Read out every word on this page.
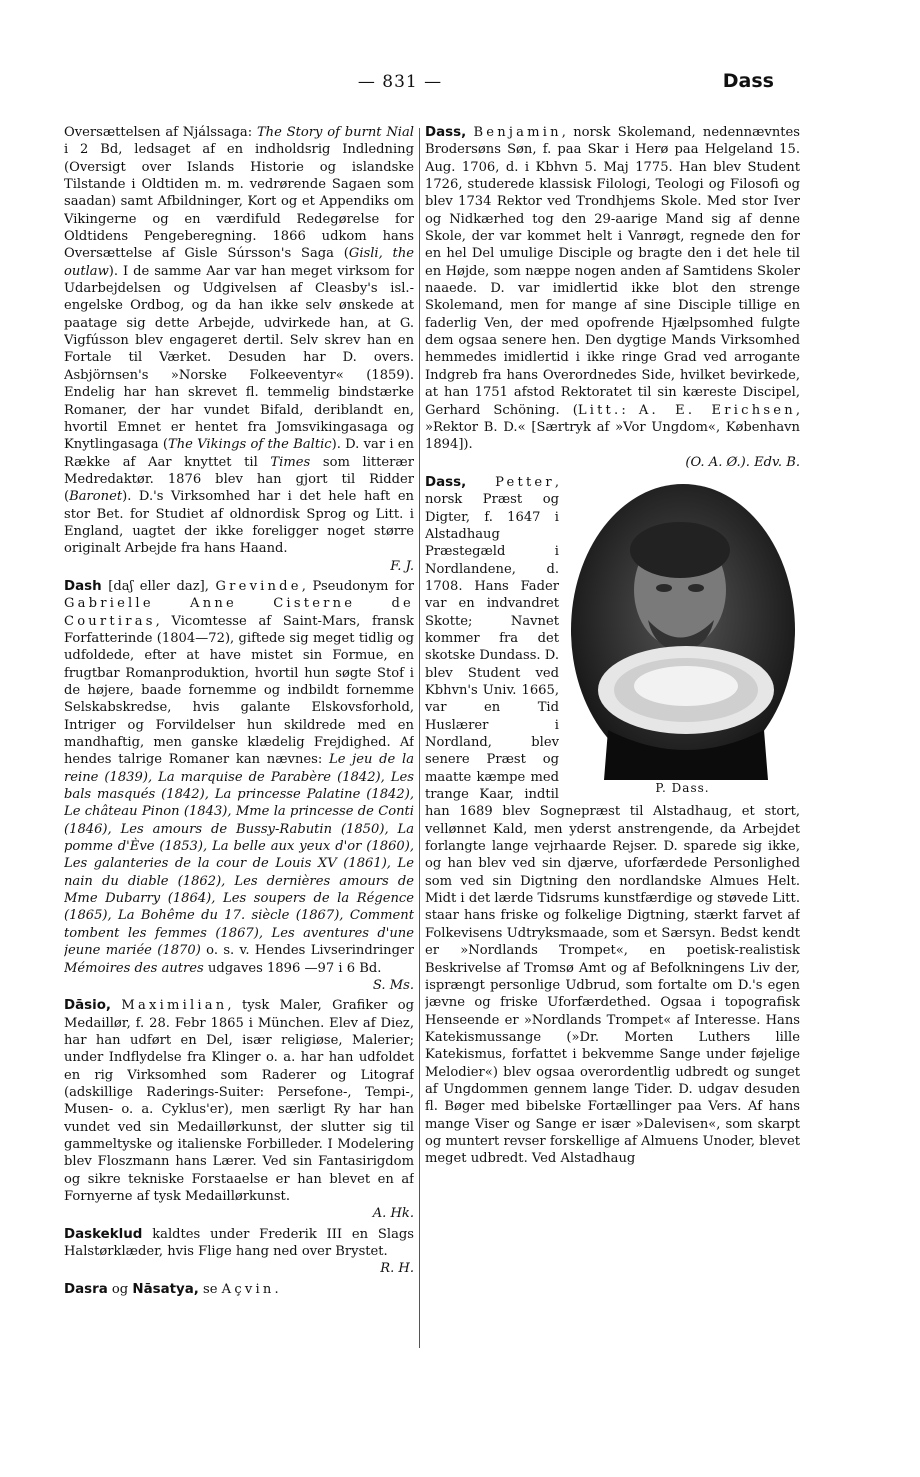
— 831 —	Dass

Oversættelsen af Njálssaga: The Story of burnt Nial i 2 Bd, ledsaget af en indholdsrig Indledning (Oversigt over Islands Historie og islandske Tilstande i Oldtiden m. m. vedrørende Sagaen som saadan) samt Afbildninger, Kort og et Appendiks om Vikingerne og en værdifuld Redegørelse for Oldtidens Pengeberegning. 1866 udkom hans Oversættelse af Gisle Súrsson's Saga (Gisli, the outlaw). I de samme Aar var han meget virksom for Udarbejdelsen og Udgivelsen af Cleasby's isl.-engelske Ordbog, og da han ikke selv ønskede at paatage sig dette Arbejde, udvirkede han, at G. Vigfússon blev engageret dertil. Selv skrev han en Fortale til Værket. Desuden har D. overs. Asbjörnsen's »Norske Folkeeventyr« (1859). Endelig har han skrevet fl. temmelig bindstærke Romaner, der har vundet Bifald, deriblandt en, hvortil Emnet er hentet fra Jomsvikingasaga og Knytlingasaga (The Vikings of the Baltic). D. var i en Række af Aar knyttet til Times som litterær Medredaktør. 1876 blev han gjort til Ridder (Baronet). D.'s Virksomhed har i det hele haft en stor Bet. for Studiet af oldnordisk Sprog og Litt. i England, uagtet der ikke foreligger noget større originalt Arbejde fra hans Haand.
F. J.

Dash [daʃ eller daz], Grevinde, Pseudonym for Gabrielle Anne Cisterne de Courtiras, Vicomtesse af Saint-Mars, fransk Forfatterinde (1804—72), giftede sig meget tidlig og udfoldede, efter at have mistet sin Formue, en frugtbar Romanproduktion, hvortil hun søgte Stof i de højere, baade fornemme og indbildt fornemme Selskabskredse, hvis galante Elskovsforhold, Intriger og Forvildelser hun skildrede med en mandhaftig, men ganske klædelig Frejdighed. Af hendes talrige Romaner kan nævnes: Le jeu de la reine (1839), La marquise de Parabère (1842), Les bals masqués (1842), La princesse Palatine (1842), Le château Pinon (1843), Mme la princesse de Conti (1846), Les amours de Bussy-Rabutin (1850), La pomme d'Ève (1853), La belle aux yeux d'or (1860), Les galanteries de la cour de Louis XV (1861), Le nain du diable (1862), Les dernières amours de Mme Dubarry (1864), Les soupers de la Régence (1865), La Bohême du 17. siècle (1867), Comment tombent les femmes (1867), Les aventures d'une jeune mariée (1870) o. s. v. Hendes Livserindringer Mémoires des autres udgaves 1896 —97 i 6 Bd.
S. Ms.

Dāsio, Maximilian, tysk Maler, Grafiker og Medaillør, f. 28. Febr 1865 i München. Elev af Diez, har han udført en Del, især religiøse, Malerier; under Indflydelse fra Klinger o. a. har han udfoldet en rig Virksomhed som Raderer og Litograf (adskillige Raderings-Suiter: Persefone-, Tempi-, Musen- o. a. Cyklus'er), men særligt Ry har han vundet ved sin Medaillørkunst, der slutter sig til gammeltyske og italienske Forbilleder. I Modelering blev Floszmann hans Lærer. Ved sin Fantasirigdom og sikre tekniske Forstaaelse er han blevet en af Fornyerne af tysk Medaillørkunst.
A. Hk.

Daskeklud kaldtes under Frederik III en Slags Halstørklæder, hvis Flige hang ned over Brystet.
R. H.

Dasra og Nāsatya, se Açvin.

Dass, Benjamin, norsk Skolemand, nedennævntes Brodersøns Søn, f. paa Skar i Herø paa Helgeland 15. Aug. 1706, d. i Kbhvn 5. Maj 1775. Han blev Student 1726, studerede klassisk Filologi, Teologi og Filosofi og blev 1734 Rektor ved Trondhjems Skole. Med stor Iver og Nidkærhed tog den 29-aarige Mand sig af denne Skole, der var kommet helt i Vanrøgt, regnede den for en hel Del umulige Disciple og bragte den i det hele til en Højde, som næppe nogen anden af Samtidens Skoler naaede. D. var imidlertid ikke blot den strenge Skolemand, men for mange af sine Disciple tillige en faderlig Ven, der med opofrende Hjælpsomhed fulgte dem ogsaa senere hen. Den dygtige Mands Virksomhed hemmedes imidlertid i ikke ringe Grad ved arrogante Indgreb fra hans Overordnedes Side, hvilket bevirkede, at han 1751 afstod Rektoratet til sin kæreste Discipel, Gerhard Schöning. (Litt.: A. E. Erichsen, »Rektor B. D.« [Særtryk af »Vor Ungdom«, København 1894]).
(O. A. Ø.). Edv. B.

Dass, Petter
P. Dass.
, norsk Præst og Digter, f. 1647 i Alstadhaug Præstegæld i Nordlandene, d. 1708. Hans Fader var en indvandret Skotte; Navnet kommer fra det skotske Dundass. D. blev Student ved Kbhvn's Univ. 1665, var en Tid Huslærer i Nordland, blev senere Præst og maatte kæmpe med trange Kaar, indtil han 1689 blev Sognepræst til Alstadhaug, et stort, vellønnet Kald, men yderst anstrengende, da Arbejdet forlangte lange vejrhaarde Rejser. D. sparede sig ikke, og han blev ved sin djærve, uforfærdede Personlighed som ved sin Digtning den nordlandske Almues Helt. Midt i det lærde Tidsrums kunstfærdige og støvede Litt. staar hans friske og folkelige Digtning, stærkt farvet af Folkevisens Udtryksmaade, som et Særsyn. Bedst kendt er »Nordlands Trompet«, en poetisk-realistisk Beskrivelse af Tromsø Amt og af Befolkningens Liv der, isprængt personlige Udbrud, som fortalte om D.'s egen jævne og friske Uforfærdethed. Ogsaa i topografisk Henseende er »Nordlands Trompet« af Interesse. Hans Katekismussange (»Dr. Morten Luthers lille Katekismus, forfattet i bekvemme Sange under føjelige Melodier«) blev ogsaa overordentlig udbredt og sunget af Ungdommen gennem lange Tider. D. udgav desuden fl. Bøger med bibelske Fortællinger paa Vers. Af hans mange Viser og Sange er især »Dalevisen«, som skarpt og muntert revser forskellige af Almuens Unoder, blevet meget udbredt. Ved Alstadhaug
